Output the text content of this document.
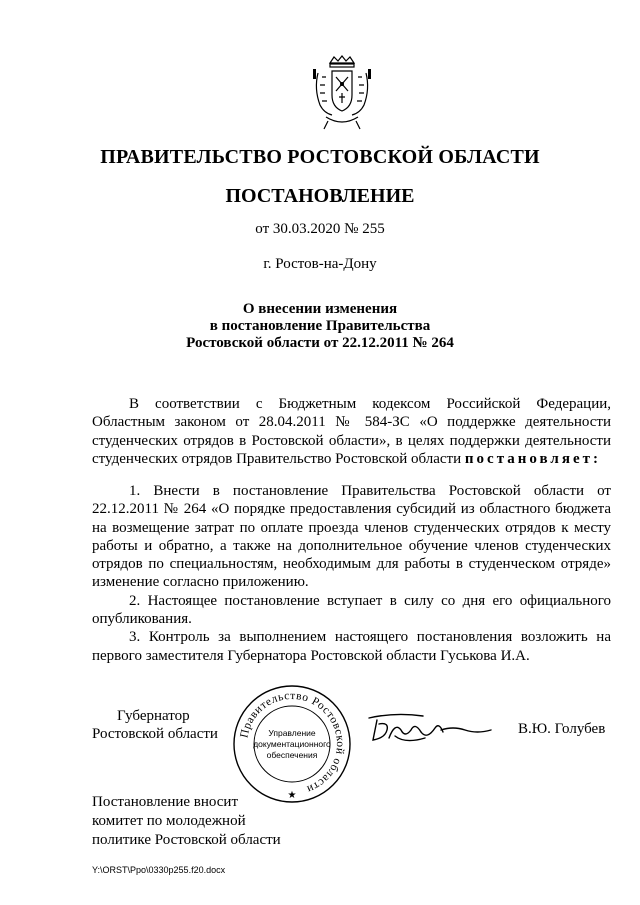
ПРАВИТЕЛЬСТВО РОСТОВСКОЙ ОБЛАСТИ
ПОСТАНОВЛЕНИЕ
от 30.03.2020 № 255
г. Ростов-на-Дону
О внесении изменения
в постановление Правительства
Ростовской области от 22.12.2011 № 264

В соответствии с Бюджетным кодексом Российской Федерации, Областным законом от 28.04.2011 № 584-ЗС «О поддержке деятельности студенческих отрядов в Ростовской области», в целях поддержки деятельности студенческих отрядов Правительство Ростовской области постановляет:

1. Внести в постановление Правительства Ростовской области от 22.12.2011 № 264 «О порядке предоставления субсидий из областного бюджета на возмещение затрат по оплате проезда членов студенческих отрядов к месту работы и обратно, а также на дополнительное обучение членов студенческих отрядов по специальностям, необходимым для работы в студенческом отряде» изменение согласно приложению.

2. Настоящее постановление вступает в силу со дня его официального опубликования.

3. Контроль за выполнением настоящего постановления возложить на первого заместителя Губернатора Ростовской области Гуськова И.А.

Губернатор
Ростовской области Правительство Ростовской области
★
Управление
документационного
обеспечения
В.Ю. Голубев
Постановление вносит
комитет по молодежной
политике Ростовской области
Y:\ORST\Ppo\0330p255.f20.docx
